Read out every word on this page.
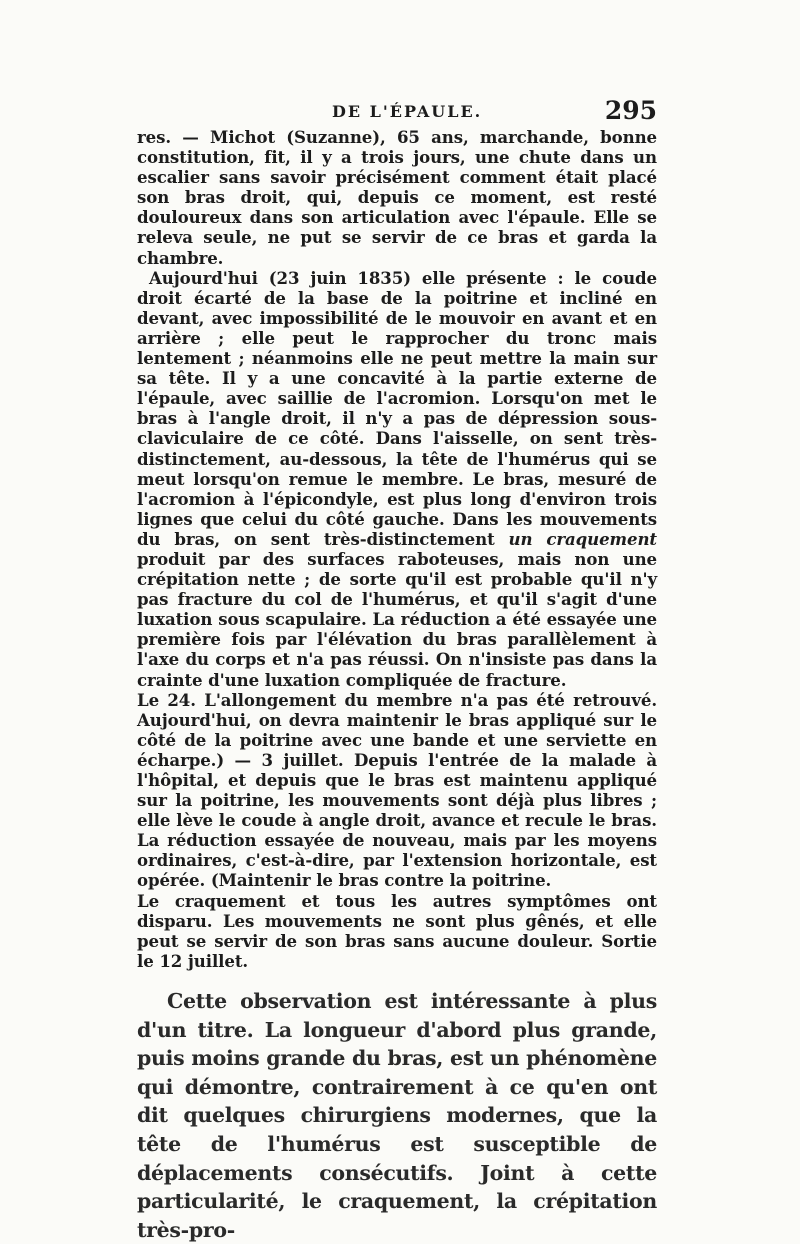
DE L'ÉPAULE.	295

res. — Michot (Suzanne), 65 ans, marchande, bonne constitution, fit, il y a trois jours, une chute dans un escalier sans savoir précisément comment était placé son bras droit, qui, depuis ce moment, est resté douloureux dans son articulation avec l'épaule. Elle se releva seule, ne put se servir de ce bras et garda la chambre.

Aujourd'hui (23 juin 1835) elle présente : le coude droit écarté de la base de la poitrine et incliné en devant, avec impossibilité de le mouvoir en avant et en arrière ; elle peut le rapprocher du tronc mais lentement ; néanmoins elle ne peut mettre la main sur sa tête. Il y a une concavité à la partie externe de l'épaule, avec saillie de l'acromion. Lorsqu'on met le bras à l'angle droit, il n'y a pas de dépression sous-claviculaire de ce côté. Dans l'aisselle, on sent très-distinctement, au-dessous, la tête de l'humérus qui se meut lorsqu'on remue le membre. Le bras, mesuré de l'acromion à l'épicondyle, est plus long d'environ trois lignes que celui du côté gauche. Dans les mouvements du bras, on sent très-distinctement un craquement produit par des surfaces raboteuses, mais non une crépitation nette ; de sorte qu'il est probable qu'il n'y pas fracture du col de l'humérus, et qu'il s'agit d'une luxation sous scapulaire. La réduction a été essayée une première fois par l'élévation du bras parallèlement à l'axe du corps et n'a pas réussi. On n'insiste pas dans la crainte d'une luxation compliquée de fracture.

Le 24. L'allongement du membre n'a pas été retrouvé. Aujourd'hui, on devra maintenir le bras appliqué sur le côté de la poitrine avec une bande et une serviette en écharpe.) — 3 juillet. Depuis l'entrée de la malade à l'hôpital, et depuis que le bras est maintenu appliqué sur la poitrine, les mouvements sont déjà plus libres ; elle lève le coude à angle droit, avance et recule le bras. La réduction essayée de nouveau, mais par les moyens ordinaires, c'est-à-dire, par l'extension horizontale, est opérée. (Maintenir le bras contre la poitrine.

Le craquement et tous les autres symptômes ont disparu. Les mouvements ne sont plus gênés, et elle peut se servir de son bras sans aucune douleur. Sortie le 12 juillet.

Cette observation est intéressante à plus d'un titre. La longueur d'abord plus grande, puis moins grande du bras, est un phénomène qui démontre, contrairement à ce qu'en ont dit quelques chirurgiens modernes, que la tête de l'humérus est susceptible de déplacements consécutifs. Joint à cette particularité, le craquement, la crépitation très-pro-
